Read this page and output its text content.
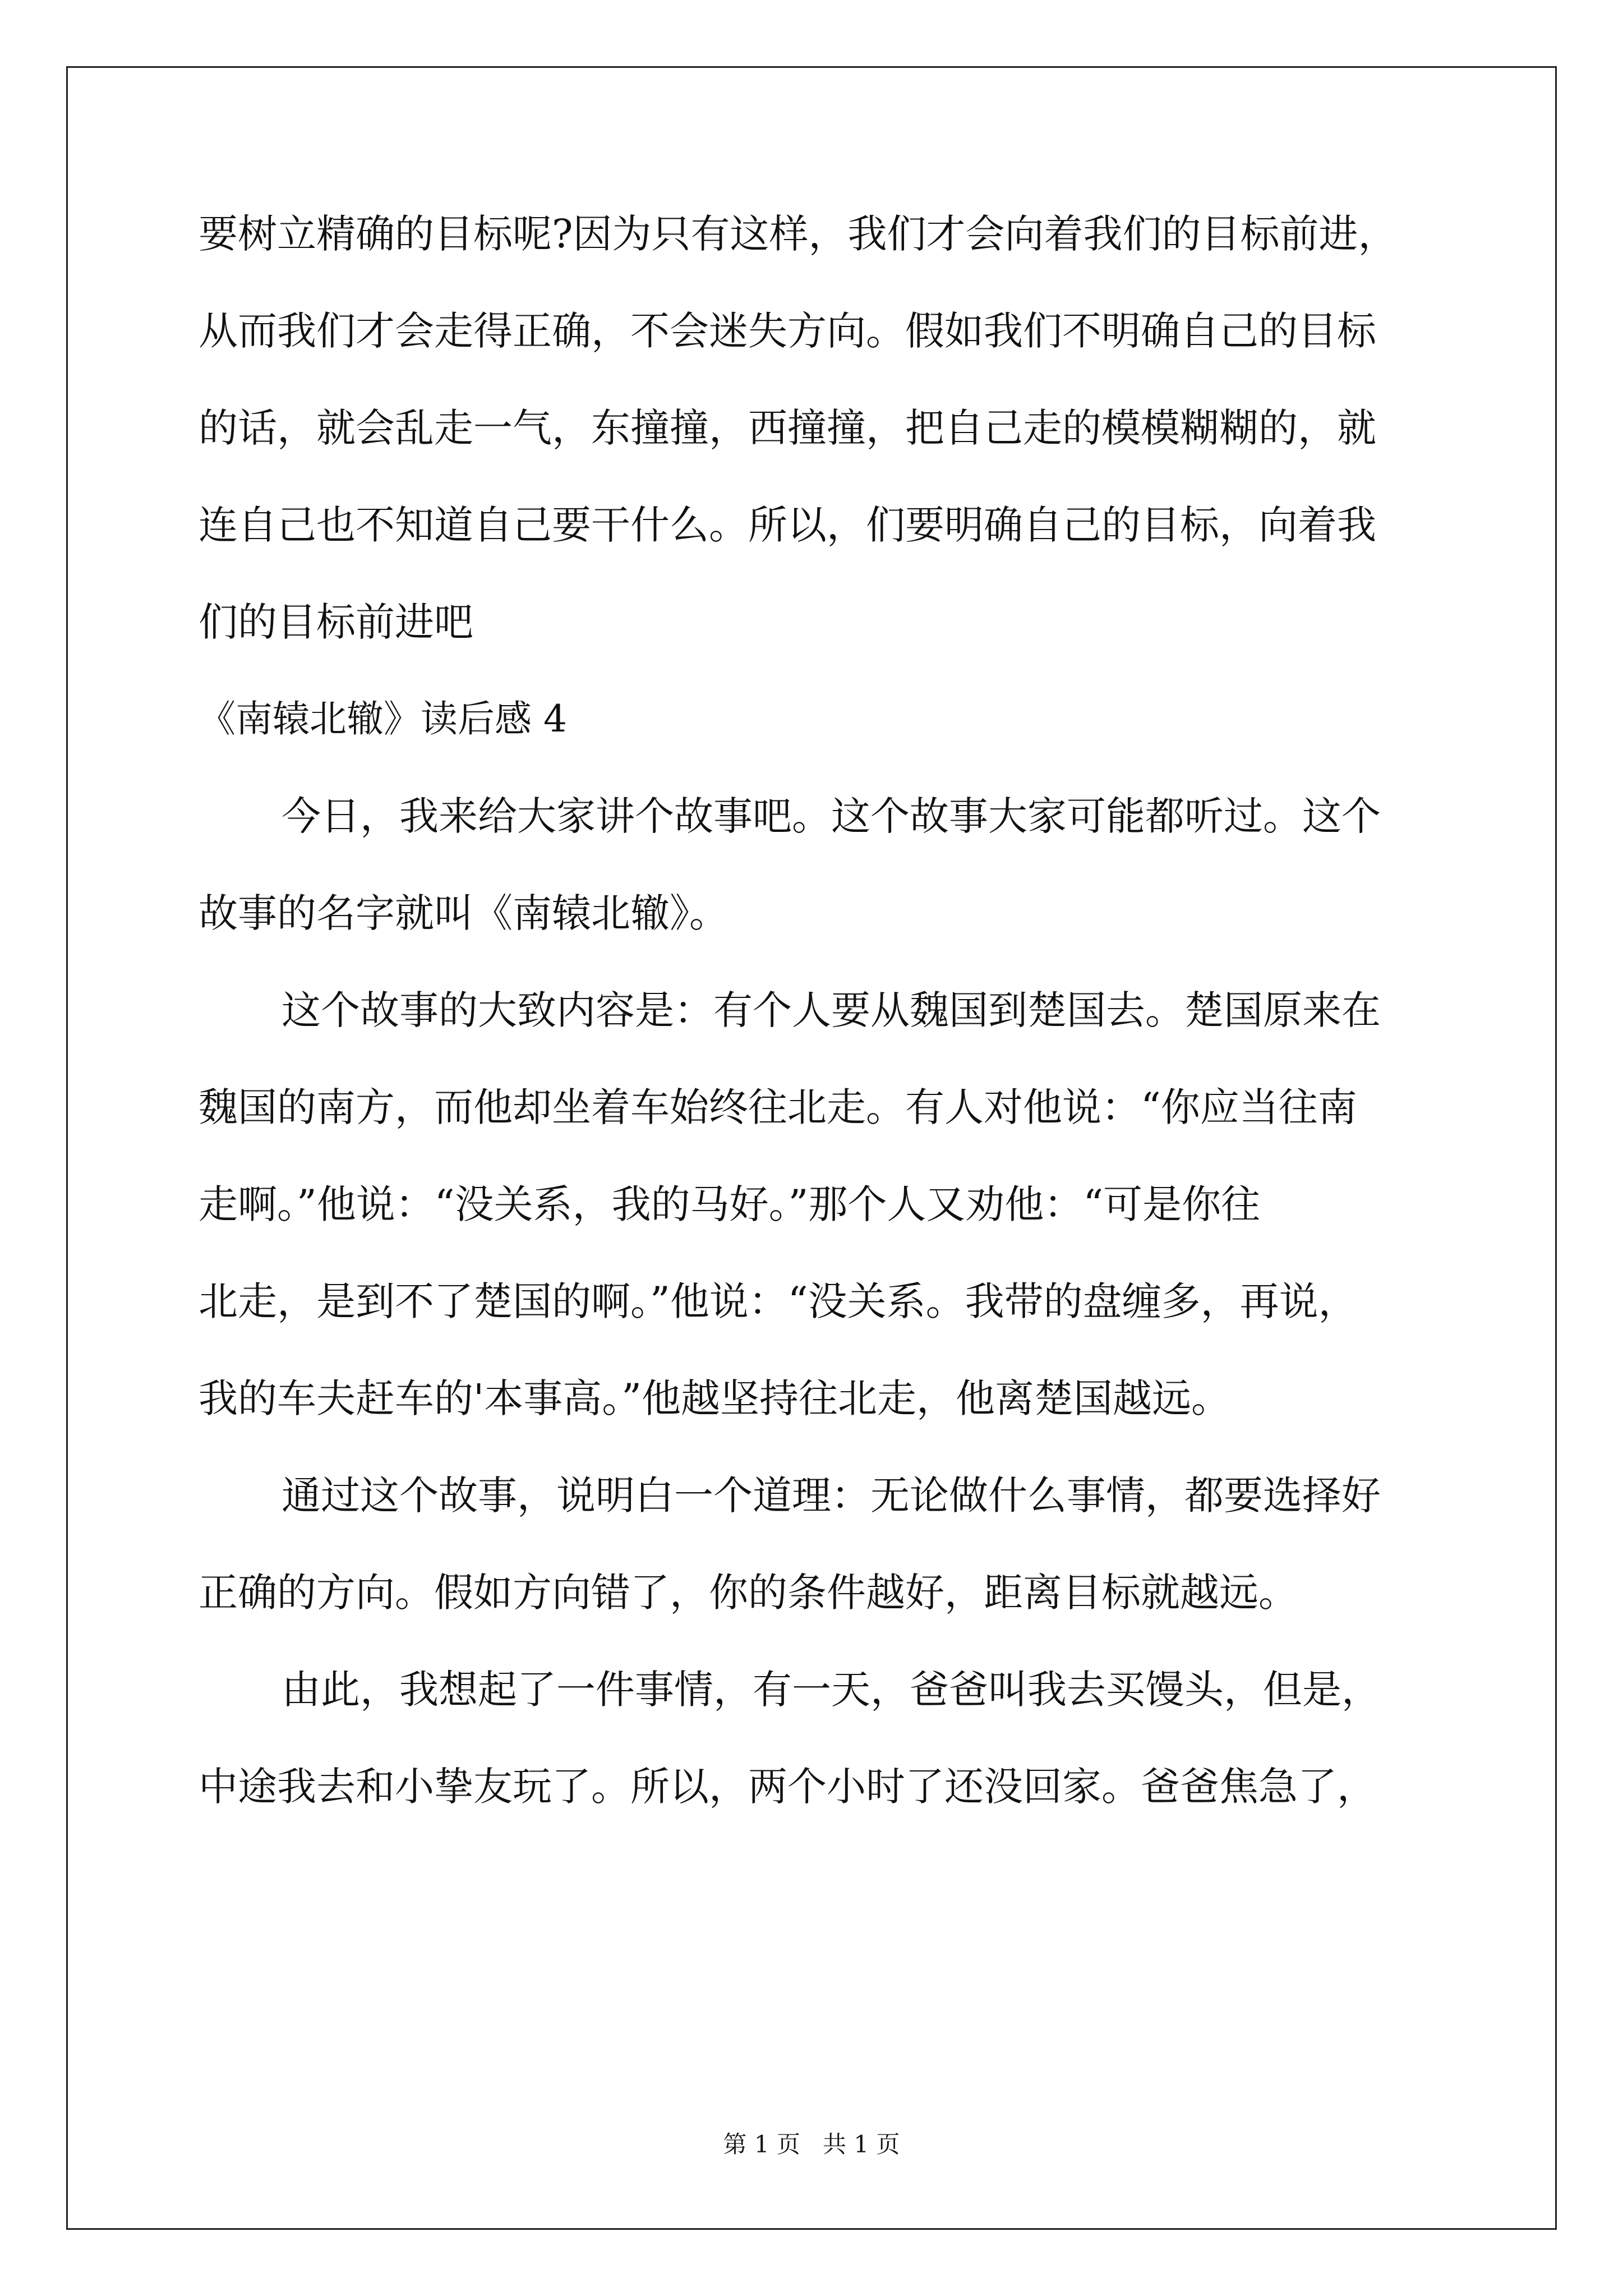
要树立精确的目标呢?因为只有这样，我们才会向着我们的目标前进，
从而我们才会走得正确，不会迷失方向。假如我们不明确自己的目标
的话，就会乱走一气，东撞撞，西撞撞，把自己走的模模糊糊的，就
连自己也不知道自己要干什么。所以，们要明确自己的目标，向着我
们的目标前进吧
《南辕北辙》读后感 4
今日，我来给大家讲个故事吧。这个故事大家可能都听过。这个
故事的名字就叫《南辕北辙》。
这个故事的大致内容是：有个人要从魏国到楚国去。楚国原来在
魏国的南方，而他却坐着车始终往北走。有人对他说：“你应当往南
走啊。”他说：“没关系，我的马好。”那个人又劝他：“可是你往
北走，是到不了楚国的啊。”他说：“没关系。我带的盘缠多，再说，
我的车夫赶车的'本事高。”他越坚持往北走，他离楚国越远。
通过这个故事，说明白一个道理：无论做什么事情，都要选择好
正确的方向。假如方向错了，你的条件越好，距离目标就越远。
由此，我想起了一件事情，有一天，爸爸叫我去买馒头，但是，
中途我去和小挚友玩了。所以，两个小时了还没回家。爸爸焦急了，
第 1 页   共 1 页
